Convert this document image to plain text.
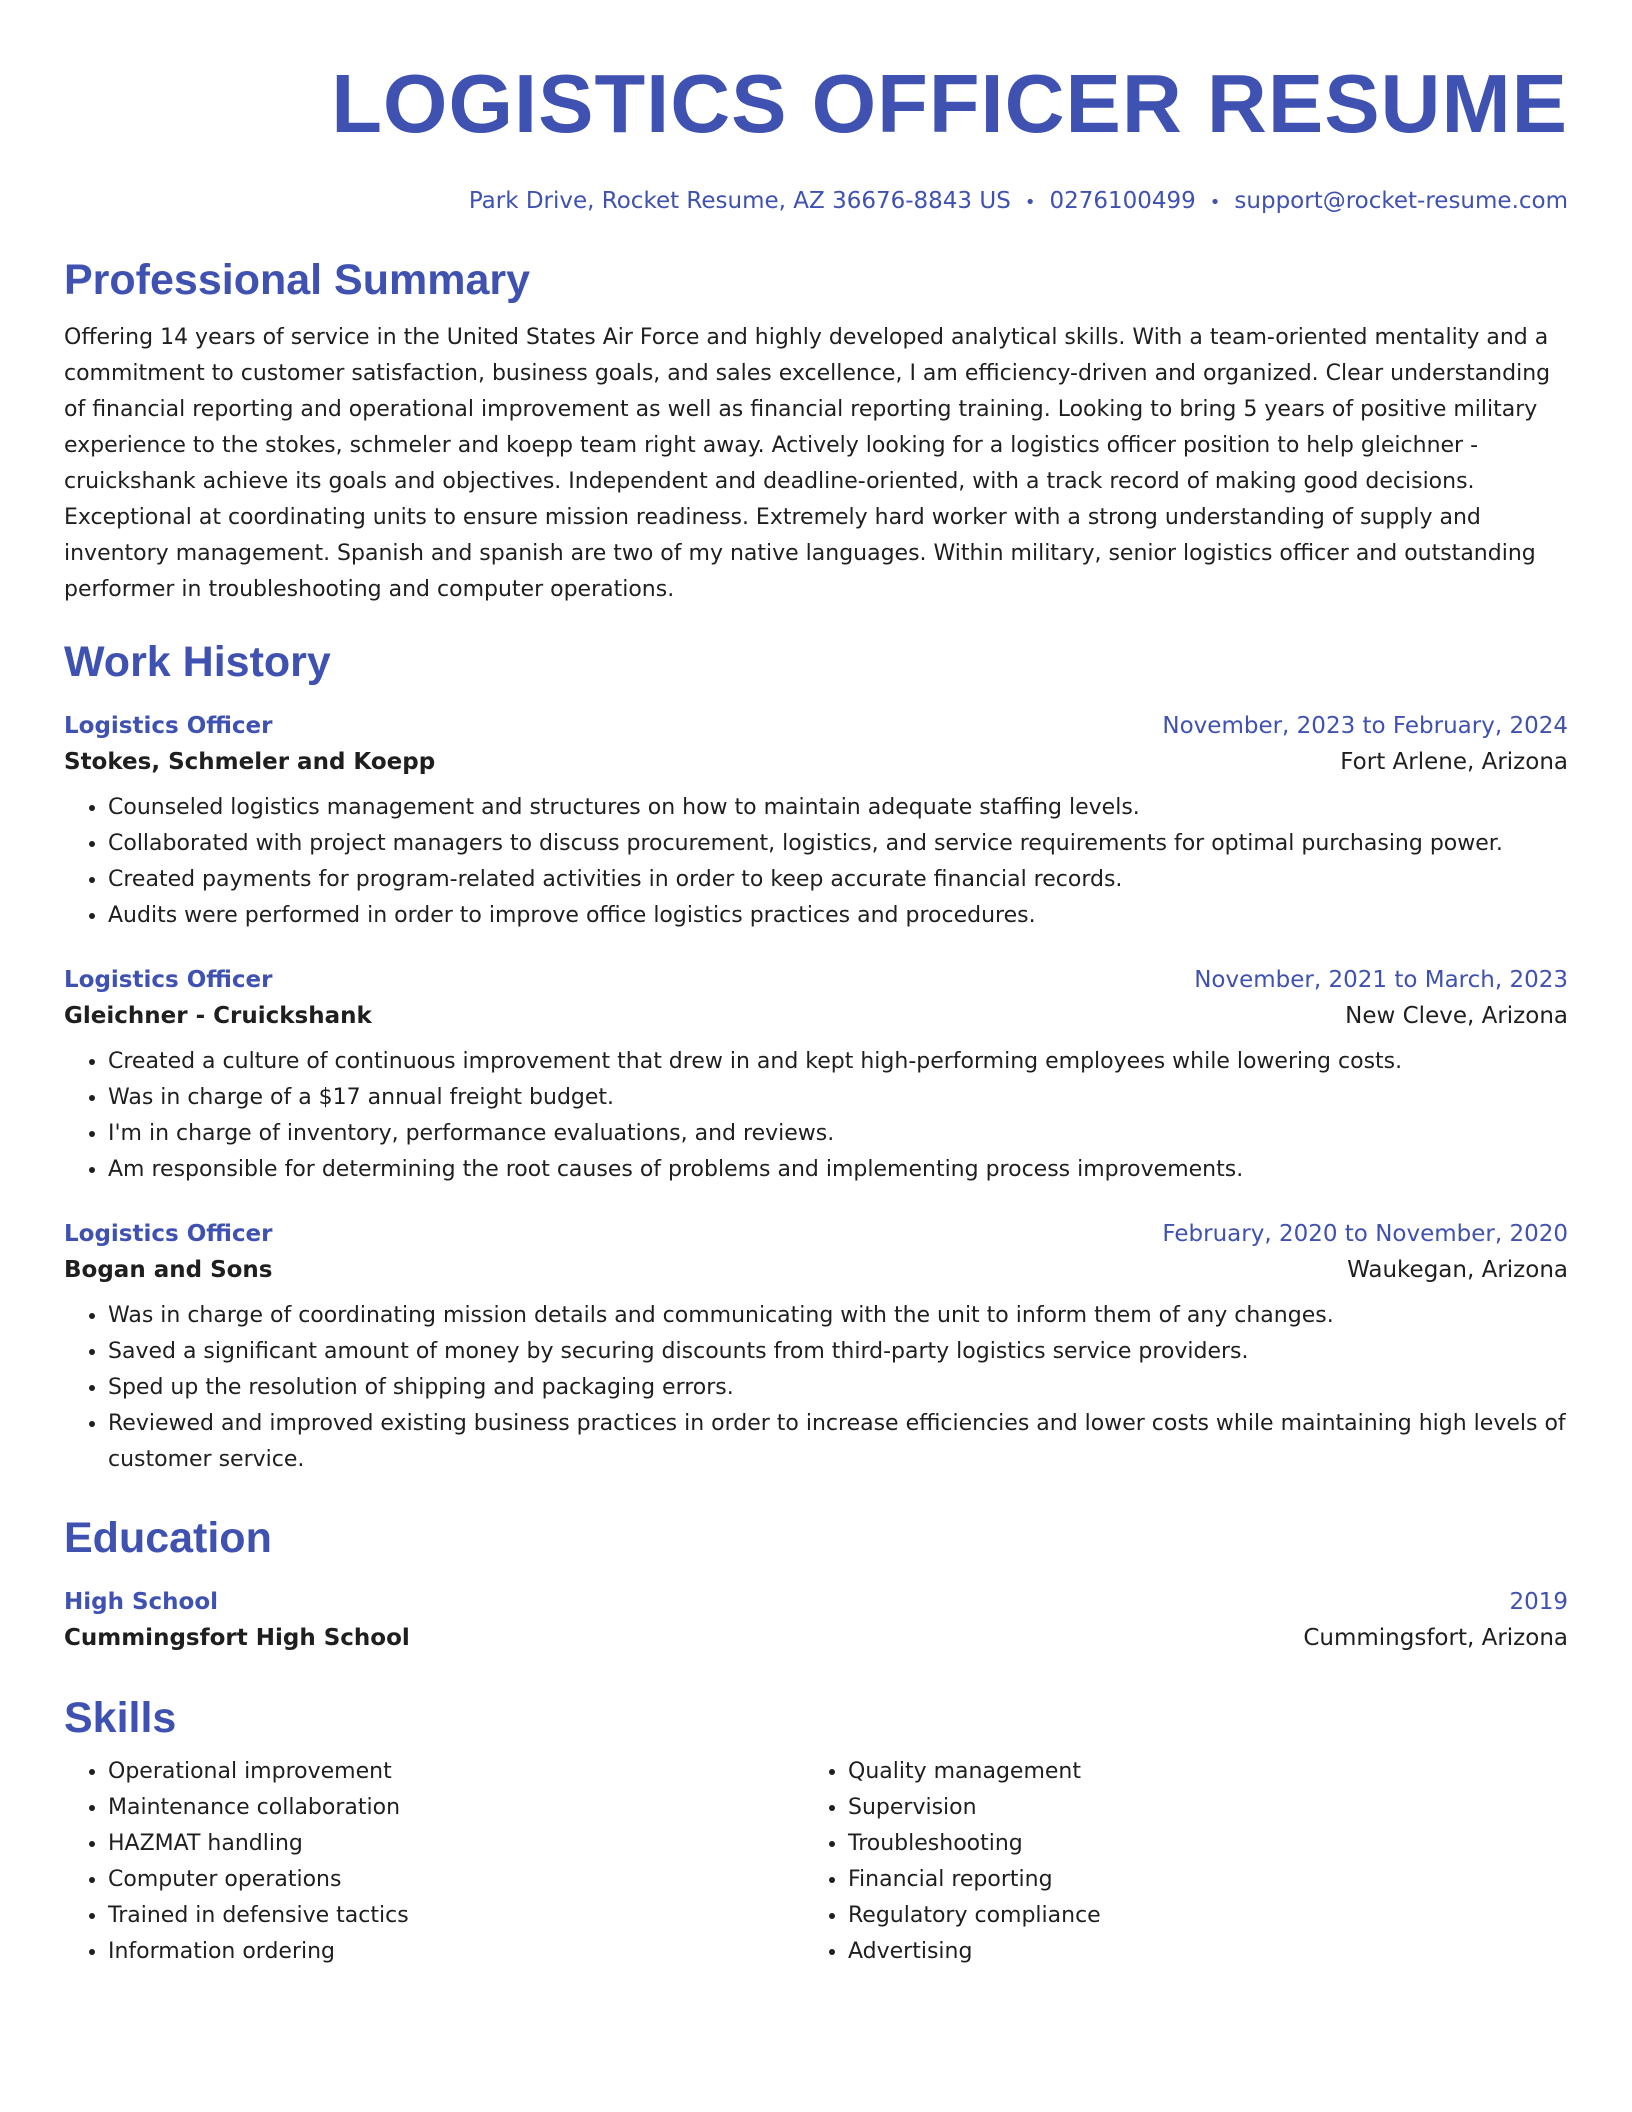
LOGISTICS OFFICER RESUME
Park Drive, Rocket Resume, AZ 36676-8843 US • 0276100499 • support@rocket-resume.com
Professional Summary

Offering 14 years of service in the United States Air Force and highly developed analytical skills. With a team-oriented mentality and a commitment to customer satisfaction, business goals, and sales excellence, I am efficiency-driven and organized. Clear understanding of financial reporting and operational improvement as well as financial reporting training. Looking to bring 5 years of positive military experience to the stokes, schmeler and koepp team right away. Actively looking for a logistics officer position to help gleichner - cruickshank achieve its goals and objectives. Independent and deadline-oriented, with a track record of making good decisions. Exceptional at coordinating units to ensure mission readiness. Extremely hard worker with a strong understanding of supply and inventory management. Spanish and spanish are two of my native languages. Within military, senior logistics officer and outstanding performer in troubleshooting and computer operations.

Work History
Logistics Officer	November, 2023 to February, 2024
Stokes, Schmeler and Koepp	Fort Arlene, Arizona
• Counseled logistics management and structures on how to maintain adequate staffing levels.
• Collaborated with project managers to discuss procurement, logistics, and service requirements for optimal purchasing power.
• Created payments for program-related activities in order to keep accurate financial records.
• Audits were performed in order to improve office logistics practices and procedures.
Logistics Officer	November, 2021 to March, 2023
Gleichner - Cruickshank	New Cleve, Arizona
• Created a culture of continuous improvement that drew in and kept high-performing employees while lowering costs.
• Was in charge of a $17 annual freight budget.
• I'm in charge of inventory, performance evaluations, and reviews.
• Am responsible for determining the root causes of problems and implementing process improvements.
Logistics Officer	February, 2020 to November, 2020
Bogan and Sons	Waukegan, Arizona
• Was in charge of coordinating mission details and communicating with the unit to inform them of any changes.
• Saved a significant amount of money by securing discounts from third-party logistics service providers.
• Sped up the resolution of shipping and packaging errors.
• Reviewed and improved existing business practices in order to increase efficiencies and lower costs while maintaining high levels of customer service.
Education
High School	2019
Cummingsfort High School	Cummingsfort, Arizona
Skills
• Operational improvement
• Maintenance collaboration
• HAZMAT handling
• Computer operations
• Trained in defensive tactics
• Information ordering
• Quality management
• Supervision
• Troubleshooting
• Financial reporting
• Regulatory compliance
• Advertising
